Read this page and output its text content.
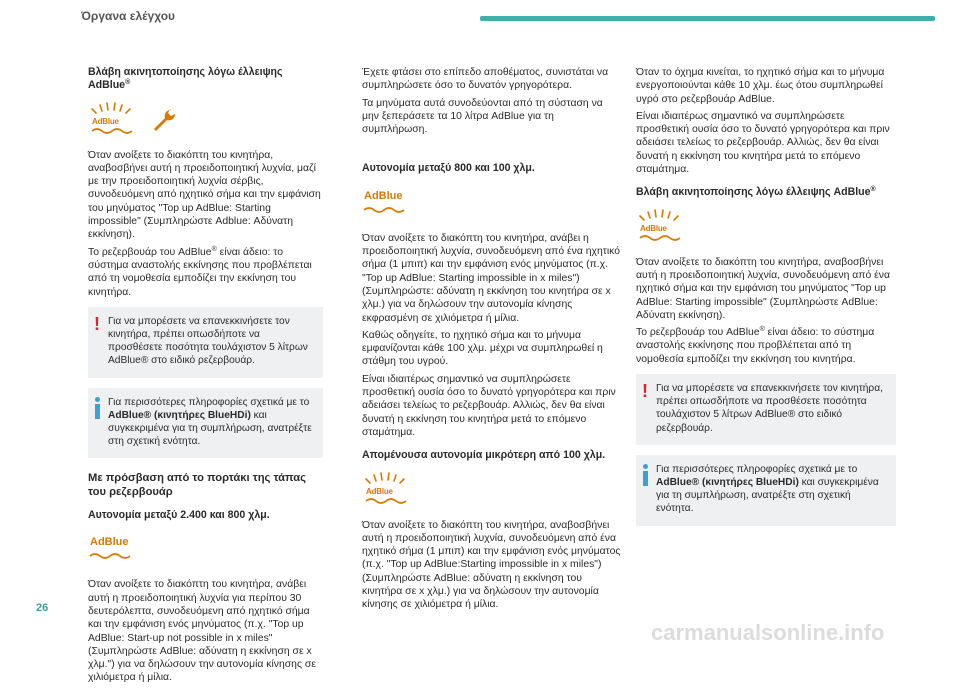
Όργανα ελέγχου
Βλάβη ακινητοποίησης λόγω έλλειψης AdBlue®
AdBlue

Όταν ανοίξετε το διακόπτη του κινητήρα, αναβοσβήνει αυτή η προειδοποιητική λυχνία, μαζί με την προειδοποιητική λυχνία σέρβις, συνοδευόμενη από ηχητικό σήμα και την εμφάνιση του μηνύματος "Top up AdBlue: Starting impossible" (Συμπληρώστε Adblue: Αδύνατη εκκίνηση).

Το ρεζερβουάρ του AdBlue® είναι άδειο: το σύστημα αναστολής εκκίνησης που προβλέπεται από τη νομοθεσία εμποδίζει την εκκίνηση του κινητήρα.

! Για να μπορέσετε να επανεκκινήσετε τον κινητήρα, πρέπει οπωσδήποτε να προσθέσετε ποσότητα τουλάχιστον 5 λίτρων AdBlue® στο ειδικό ρεζερβουάρ.
Για περισσότερες πληροφορίες σχετικά με το AdBlue® (κινητήρες BlueHDi) και συγκεκριμένα για τη συμπλήρωση, ανατρέξτε στη σχετική ενότητα.
Με πρόσβαση από το πορτάκι της τάπας του ρεζερβουάρ
Αυτονομία μεταξύ 2.400 και 800 χλμ.
AdBlue

Όταν ανοίξετε το διακόπτη του κινητήρα, ανάβει αυτή η προειδοποιητική λυχνία για περίπου 30 δευτερόλεπτα, συνοδευόμενη από ηχητικό σήμα και την εμφάνιση ενός μηνύματος (π.χ. "Top up AdBlue: Start-up not possible in x miles" (Συμπληρώστε AdBlue: αδύνατη η εκκίνηση σε x χλμ.") για να δηλώσουν την αυτονομία κίνησης σε χιλιόμετρα ή μίλια.

Έχετε φτάσει στο επίπεδο αποθέματος, συνιστάται να συμπληρώσετε όσο το δυνατόν γρηγορότερα.

Τα μηνύματα αυτά συνοδεύονται από τη σύσταση να μην ξεπεράσετε τα 10 λίτρα AdBlue για τη συμπλήρωση.

Αυτονομία μεταξύ 800 και 100 χλμ.
AdBlue

Όταν ανοίξετε το διακόπτη του κινητήρα, ανάβει η προειδοποιητική λυχνία, συνοδευόμενη από ένα ηχητικό σήμα (1 μπιπ) και την εμφάνιση ενός μηνύματος (π.χ. "Top up AdBlue: Starting impossible in x miles") (Συμπληρώστε: αδύνατη η εκκίνηση του κινητήρα σε x χλμ.) για να δηλώσουν την αυτονομία κίνησης εκφρασμένη σε χιλιόμετρα ή μίλια.

Καθώς οδηγείτε, το ηχητικό σήμα και το μήνυμα εμφανίζονται κάθε 100 χλμ. μέχρι να συμπληρωθεί η στάθμη του υγρού.

Είναι ιδιαιτέρως σημαντικό να συμπληρώσετε προσθετική ουσία όσο το δυνατό γρηγορότερα και πριν αδειάσει τελείως το ρεζερβουάρ. Αλλιώς, δεν θα είναι δυνατή η εκκίνηση του κινητήρα μετά το επόμενο σταμάτημα.

Απομένουσα αυτονομία μικρότερη από 100 χλμ.
AdBlue

Όταν ανοίξετε το διακόπτη του κινητήρα, αναβοσβήνει αυτή η προειδοποιητική λυχνία, συνοδευόμενη από ένα ηχητικό σήμα (1 μπιπ) και την εμφάνιση ενός μηνύματος (π.χ. "Top up AdBlue:Starting impossible in x miles") (Συμπληρώστε AdBlue: αδύνατη η εκκίνηση του κινητήρα σε x χλμ.) για να δηλώσουν την αυτονομία κίνησης σε χιλιόμετρα ή μίλια.

Όταν το όχημα κινείται, το ηχητικό σήμα και το μήνυμα ενεργοποιούνται κάθε 10 χλμ. έως ότου συμπληρωθεί υγρό στο ρεζερβουάρ AdBlue.

Είναι ιδιαιτέρως σημαντικό να συμπληρώσετε προσθετική ουσία όσο το δυνατό γρηγορότερα και πριν αδειάσει τελείως το ρεζερβουάρ. Αλλιώς, δεν θα είναι δυνατή η εκκίνηση του κινητήρα μετά το επόμενο σταμάτημα.

Βλάβη ακινητοποίησης λόγω έλλειψης AdBlue®
AdBlue

Όταν ανοίξετε το διακόπτη του κινητήρα, αναβοσβήνει αυτή η προειδοποιητική λυχνία, συνοδευόμενη από ένα ηχητικό σήμα και την εμφάνιση του μηνύματος "Top up AdBlue: Starting impossible" (Συμπληρώστε AdBlue: Αδύνατη εκκίνηση).

Το ρεζερβουάρ του AdBlue® είναι άδειο: το σύστημα αναστολής εκκίνησης που προβλέπεται από τη νομοθεσία εμποδίζει την εκκίνηση του κινητήρα.

! Για να μπορέσετε να επανεκκινήσετε τον κινητήρα, πρέπει οπωσδήποτε να προσθέσετε ποσότητα τουλάχιστον 5 λίτρων AdBlue® στο ειδικό ρεζερβουάρ.
Για περισσότερες πληροφορίες σχετικά με το AdBlue® (κινητήρες BlueHDi) και συγκεκριμένα για τη συμπλήρωση, ανατρέξτε στη σχετική ενότητα.
26
carmanualsonline.info
